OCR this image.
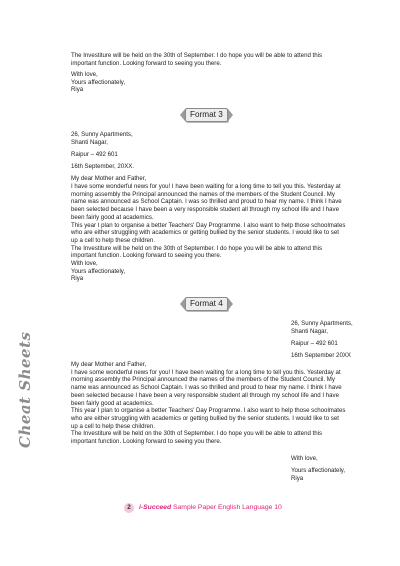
The Investiture will be held on the 30th of September. I do hope you will be able to attend this

important function. Looking forward to seeing you there.

With love,

Yours affectionately,

Riya

Format 3

26, Sunny Apartments,

Shanti Nagar,

Raipur – 492 601

16th September, 20XX.

My dear Mother and Father,

I have some wonderful news for you! I have been waiting for a long time to tell you this. Yesterday at

morning assembly the Principal announced the names of the members of the Student Council. My

name was announced as School Captain. I was so thrilled and proud to hear my name. I think I have

been selected because I have been a very responsible student all through my school life and I have

been fairly good at academics.

This year I plan to organise a better Teachers' Day Programme. I also want to help those schoolmates

who are either struggling with academics or getting bullied by the senior students. I would like to set

up a cell to help these children.

The Investiture will be held on the 30th of September. I do hope you will be able to attend this

important function. Looking forward to seeing you there.

With love,

Yours affectionately,

Riya

Format 4

26, Sunny Apartments,

Shanti Nagar,

Raipur – 492 601

16th September 20XX

My dear Mother and Father,

I have some wonderful news for you! I have been waiting for a long time to tell you this. Yesterday at

morning assembly the Principal announced the names of the members of the Student Council. My

name was announced as School Captain. I was so thrilled and proud to hear my name. I think I have

been selected because I have been a very responsible student all through my school life and I have

been fairly good at academics.

This year I plan to organise a better Teachers' Day Programme. I also want to help those schoolmates

who are either struggling with academics or getting bullied by the senior students. I would like to set

up a cell to help these children.

The Investiture will be held on the 30th of September. I do hope you will be able to attend this

important function. Looking forward to seeing you there.

With love,

Yours affectionately,

Riya

Cheat Sheets
2	i-Succeed Sample Paper English Language 10
